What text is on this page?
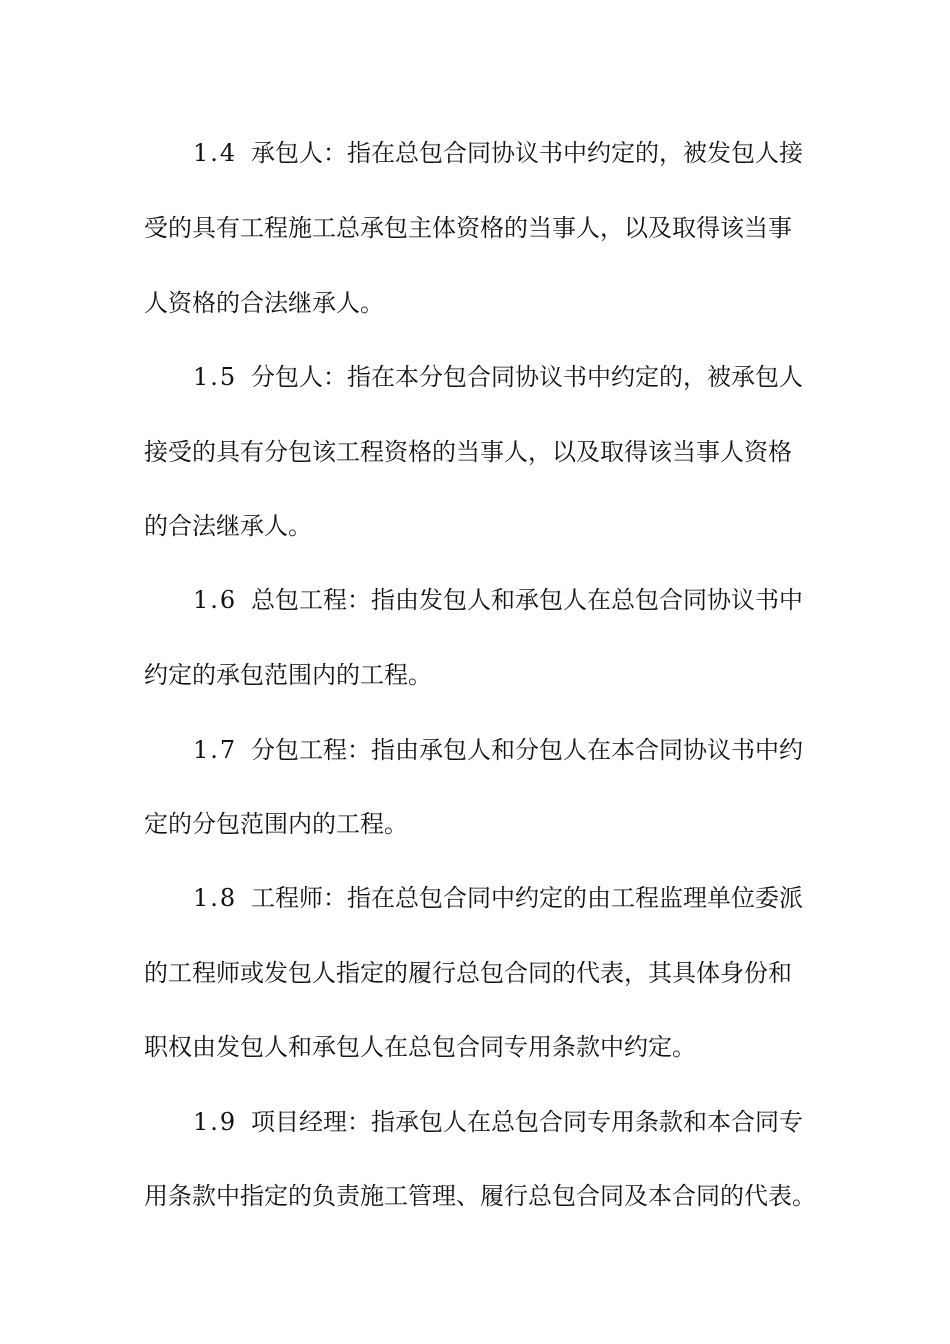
1.4 承包人：指在总包合同协议书中约定的，被发包人接
受的具有工程施工总承包主体资格的当事人，以及取得该当事
人资格的合法继承人。
1.5 分包人：指在本分包合同协议书中约定的，被承包人
接受的具有分包该工程资格的当事人，以及取得该当事人资格
的合法继承人。
1.6 总包工程：指由发包人和承包人在总包合同协议书中
约定的承包范围内的工程。
1.7 分包工程：指由承包人和分包人在本合同协议书中约
定的分包范围内的工程。
1.8 工程师：指在总包合同中约定的由工程监理单位委派
的工程师或发包人指定的履行总包合同的代表，其具体身份和
职权由发包人和承包人在总包合同专用条款中约定。
1.9 项目经理：指承包人在总包合同专用条款和本合同专
用条款中指定的负责施工管理、履行总包合同及本合同的代表。
